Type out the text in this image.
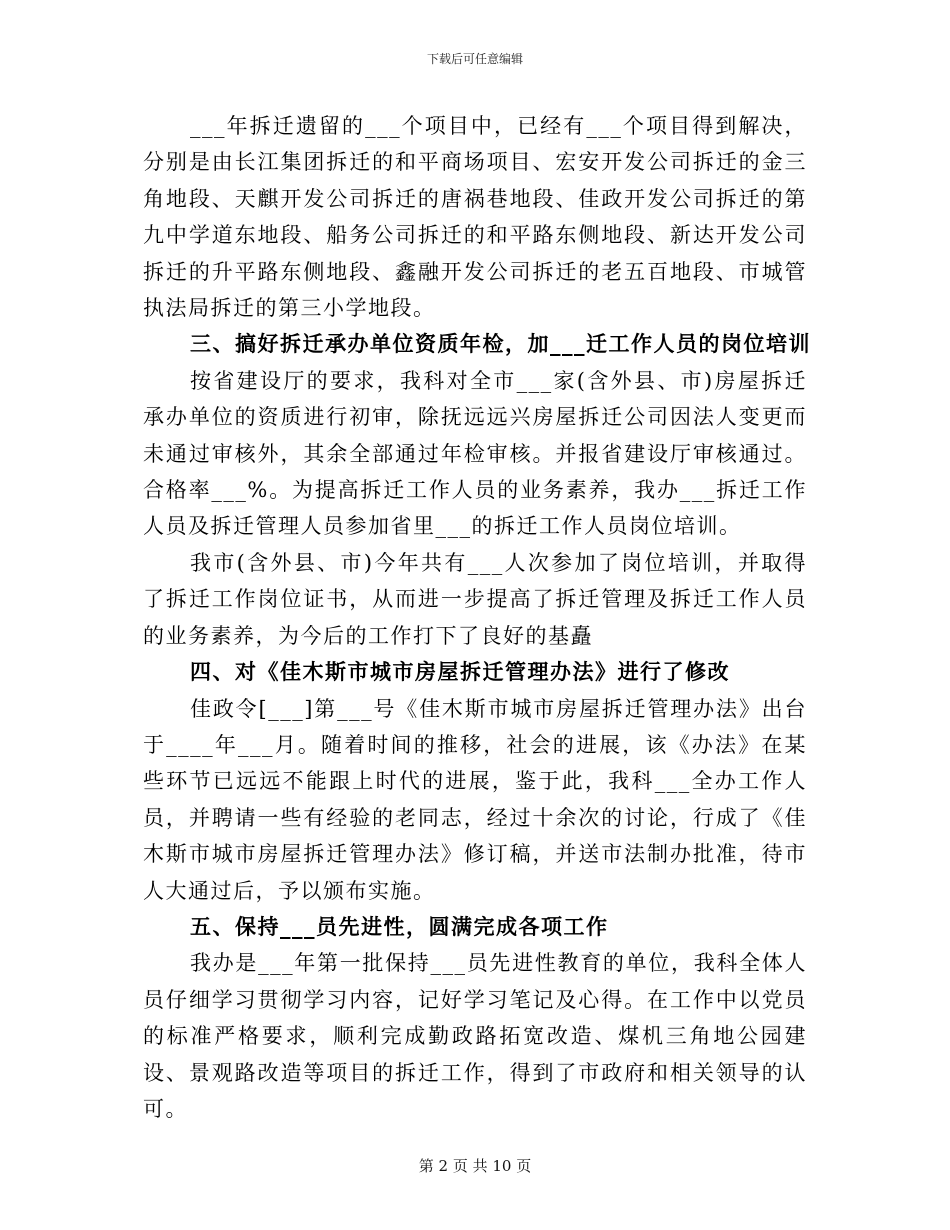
下载后可任意编辑

___年拆迁遗留的___个项目中，已经有___个项目得到解决，分别是由长江集团拆迁的和平商场项目、宏安开发公司拆迁的金三角地段、天麒开发公司拆迁的唐祸巷地段、佳政开发公司拆迁的第九中学道东地段、船务公司拆迁的和平路东侧地段、新达开发公司拆迁的升平路东侧地段、鑫融开发公司拆迁的老五百地段、市城管执法局拆迁的第三小学地段。

三、搞好拆迁承办单位资质年检，加___迁工作人员的岗位培训

按省建设厅的要求，我科对全市___家(含外县、市)房屋拆迁承办单位的资质进行初审，除抚远远兴房屋拆迁公司因法人变更而未通过审核外，其余全部通过年检审核。并报省建设厅审核通过。合格率___%。为提高拆迁工作人员的业务素养，我办___拆迁工作人员及拆迁管理人员参加省里___的拆迁工作人员岗位培训。

我市(含外县、市)今年共有___人次参加了岗位培训，并取得了拆迁工作岗位证书，从而进一步提高了拆迁管理及拆迁工作人员的业务素养，为今后的工作打下了良好的基矗

四、对《佳木斯市城市房屋拆迁管理办法》进行了修改

佳政令[___]第___号《佳木斯市城市房屋拆迁管理办法》出台于____年___月。随着时间的推移，社会的进展，该《办法》在某些环节已远远不能跟上时代的进展，鉴于此，我科___全办工作人员，并聘请一些有经验的老同志，经过十余次的讨论，行成了《佳木斯市城市房屋拆迁管理办法》修订稿，并送市法制办批准，待市人大通过后，予以颁布实施。

五、保持___员先进性，圆满完成各项工作

我办是___年第一批保持___员先进性教育的单位，我科全体人员仔细学习贯彻学习内容，记好学习笔记及心得。在工作中以党员的标准严格要求，顺利完成勤政路拓宽改造、煤机三角地公园建设、景观路改造等项目的拆迁工作，得到了市政府和相关领导的认可。

第 2 页 共 10 页
